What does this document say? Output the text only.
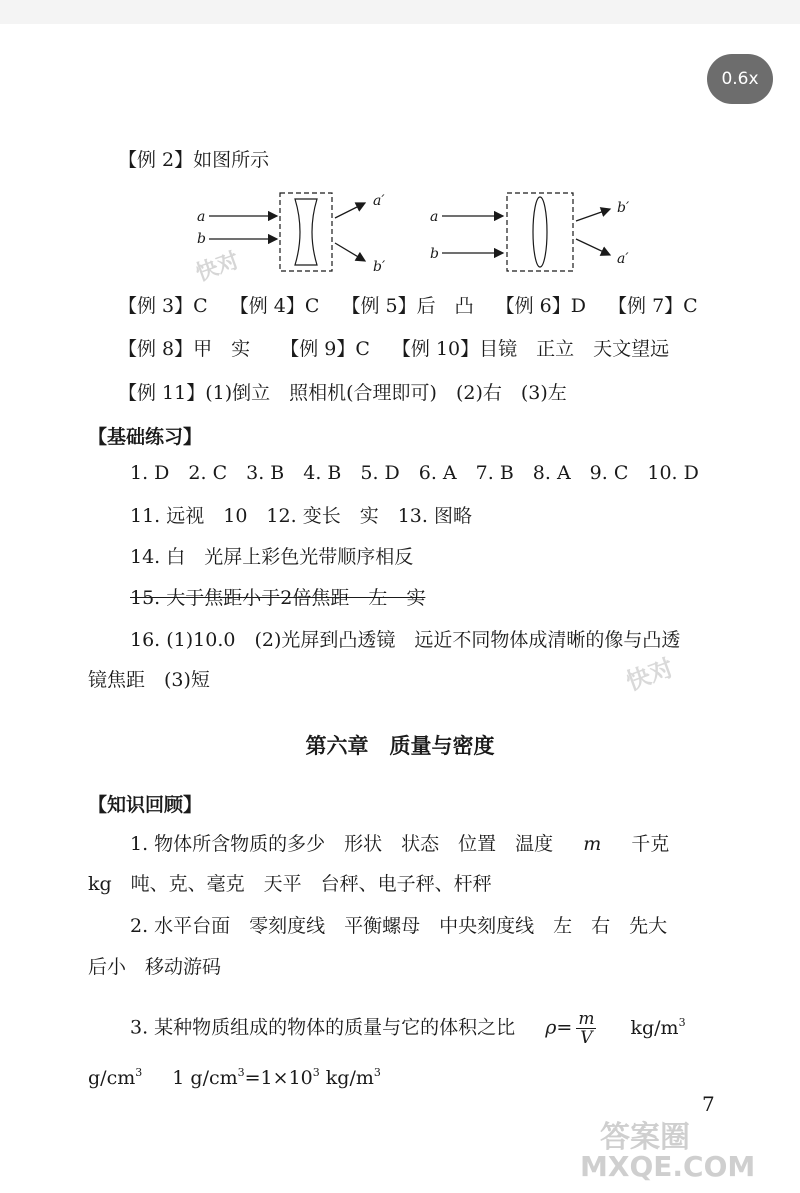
0.6x
【例 2】如图所示
a
b
a′
b′
a
b
b′
a′
【例 3】C 【例 4】C 【例 5】后　凸 【例 6】D 【例 7】C
【例 8】甲　实 【例 9】C 【例 10】目镜　正立　天文望远
【例 11】(1)倒立　照相机(合理即可)　(2)右　(3)左
【基础练习】
1. D　2. C　3. B　4. B　5. D　6. A　7. B　8. A　9. C　10. D
11. 远视　10　12. 变长　实　13. 图略
14. 白　光屏上彩色光带顺序相反
15. 大于焦距小于2倍焦距　左　实
16. (1)10.0　(2)光屏到凸透镜　远近不同物体成清晰的像与凸透
镜焦距　(3)短
第六章　质量与密度
【知识回顾】
1. 物体所含物质的多少　形状　状态　位置　温度 m 千克
kg　吨、克、毫克　天平　台秤、电子秤、杆秤
2. 水平台面　零刻度线　平衡螺母　中央刻度线　左　右　先大
后小　移动游码
3. 某种物质组成的物体的质量与它的体积之比 $\rho= \frac{m}{V} kg/m^3$
$g/cm^3$ 1 $g/cm^3=1\times 10^3$ $kg/m^3$
7
快对
快对
答案圈
MXQE.COM
